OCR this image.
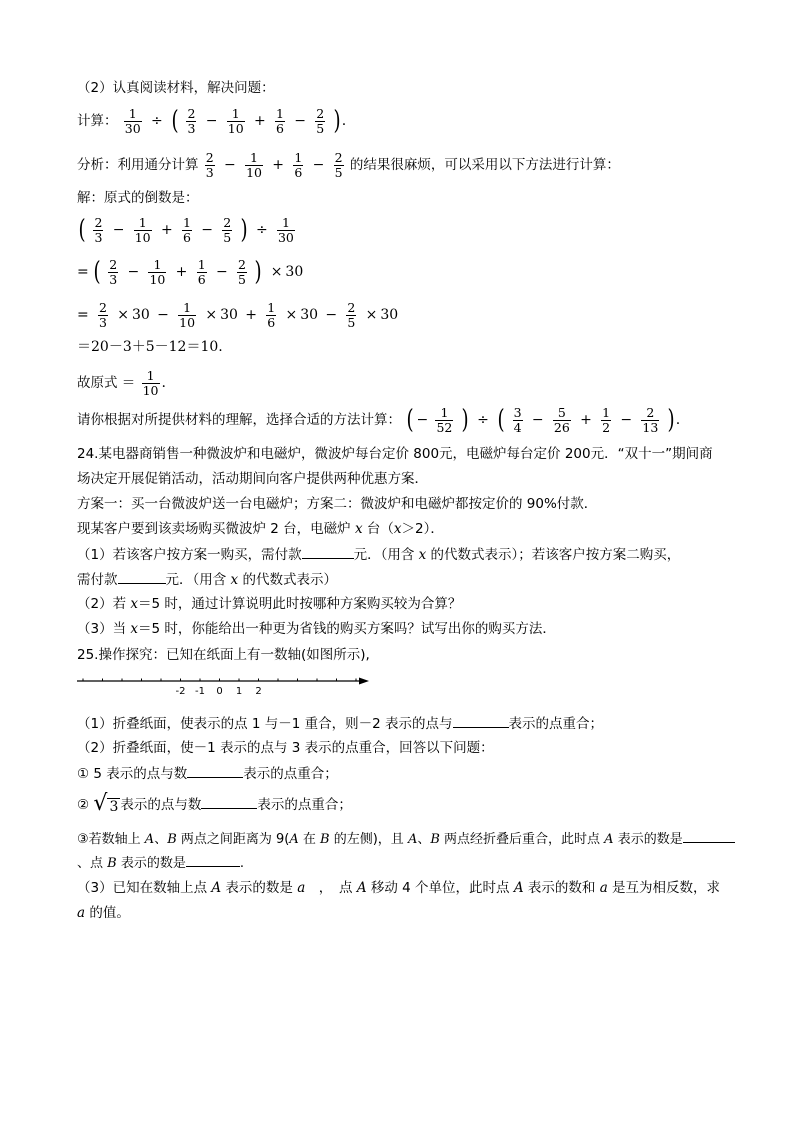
（2）认真阅读材料，解决问题：
计算： $\frac{1}{30}$ ÷ ( $\frac{2}{3} - \frac{1}{10} + \frac{1}{6} - \frac{2}{5}$ ) .
分析：利用通分计算 $\frac{2}{3} - \frac{1}{10} + \frac{1}{6} - \frac{2}{5}$ 的结果很麻烦，可以采用以下方法进行计算：
解：原式的倒数是：
( $\frac{2}{3} - \frac{1}{10} + \frac{1}{6} - \frac{2}{5}$ ) ÷ $\frac{1}{30}$
= ( $\frac{2}{3} - \frac{1}{10} + \frac{1}{6} - \frac{2}{5}$ ) × 30
= $\frac{2}{3} \times 30 - \frac{1}{10} \times 30 + \frac{1}{6} \times 30 - \frac{2}{5} \times 30$
＝20－3＋5－12＝10.
故原式 ＝ $\frac{1}{10}$ .
请你根据对所提供材料的理解，选择合适的方法计算： ( − $\frac{1}{52}$ ) ÷ ( $\frac{3}{4} - \frac{5}{26} + \frac{1}{2} - \frac{2}{13}$ ) .
24.某电器商销售一种微波炉和电磁炉，微波炉每台定价 800元，电磁炉每台定价 200元．“双十一”期间商
场决定开展促销活动，活动期间向客户提供两种优惠方案．
方案一：买一台微波炉送一台电磁炉；方案二：微波炉和电磁炉都按定价的 90%付款．
现某客户要到该卖场购买微波炉 2 台，电磁炉 x 台（x＞2）．
（1）若该客户按方案一购买，需付款	元．（用含 x 的代数式表示）；若该客户按方案二购买，
需付款	元．（用含 x 的代数式表示）
（2）若 x＝5 时，通过计算说明此时按哪种方案购买较为合算？
（3）当 x＝5 时，你能给出一种更为省钱的购买方案吗？试写出你的购买方法．
25.操作探究：已知在纸面上有一数轴(如图所示),
-2 -1 0 1 2
（1）折叠纸面，使表示的点 1 与－1 重合，则－2 表示的点与	表示的点重合；
（2）折叠纸面，使－1 表示的点与 3 表示的点重合，回答以下问题：
① 5 表示的点与数	表示的点重合；
② √ 3 表示的点与数	表示的点重合；
③若数轴上 A、B 两点之间距离为 9(A 在 B 的左侧)，且 A、B 两点经折叠后重合，此时点 A 表示的数是
、点 B 表示的数是	.
（3）已知在数轴上点 A 表示的数是 a　，　点 A 移动 4 个单位，此时点 A 表示的数和 a 是互为相反数，求
a 的值。
